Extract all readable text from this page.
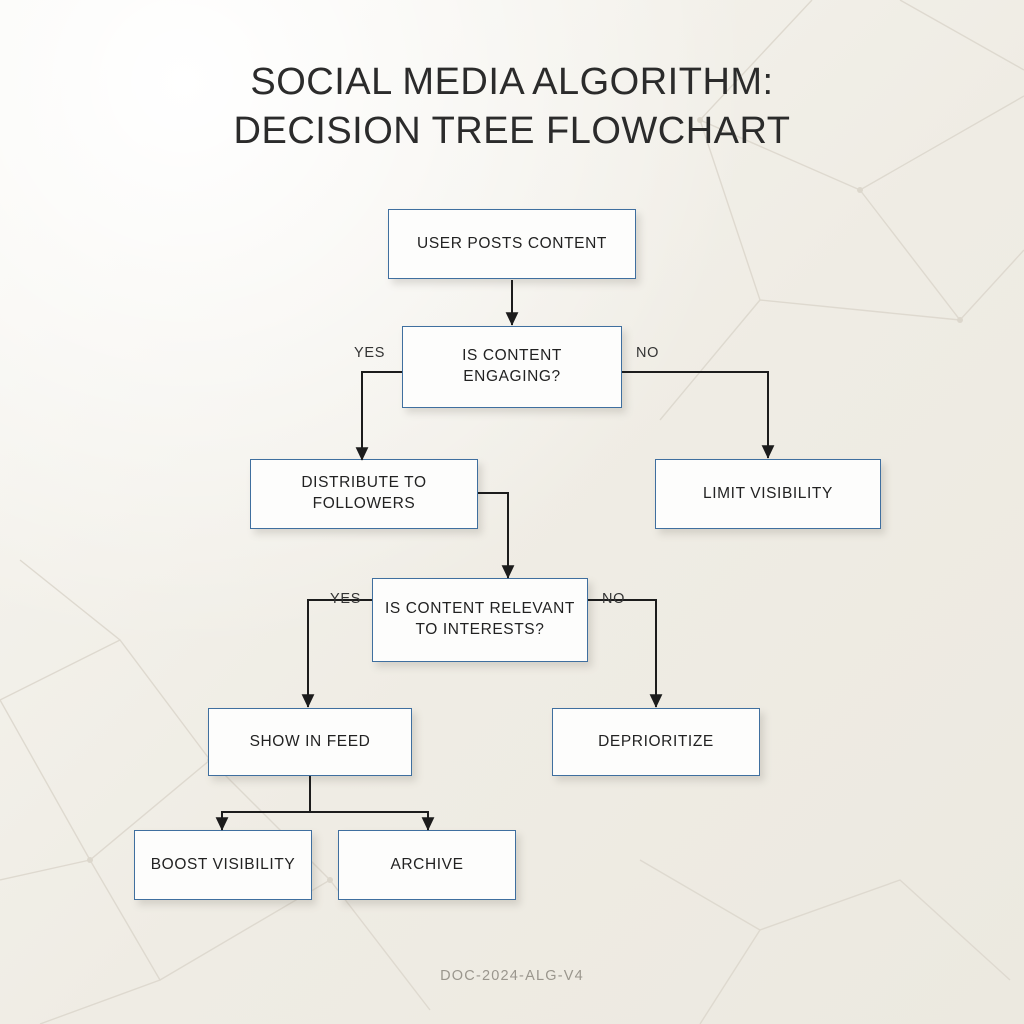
SOCIAL MEDIA ALGORITHM:
DECISION TREE FLOWCHART
YES	NO
YES	NO
USER POSTS CONTENT
IS CONTENT ENGAGING?
DISTRIBUTE TO FOLLOWERS
LIMIT VISIBILITY
IS CONTENT RELEVANT TO INTERESTS?
SHOW IN FEED	DEPRIORITIZE
BOOST VISIBILITY	ARCHIVE
DOC-2024-ALG-V4
